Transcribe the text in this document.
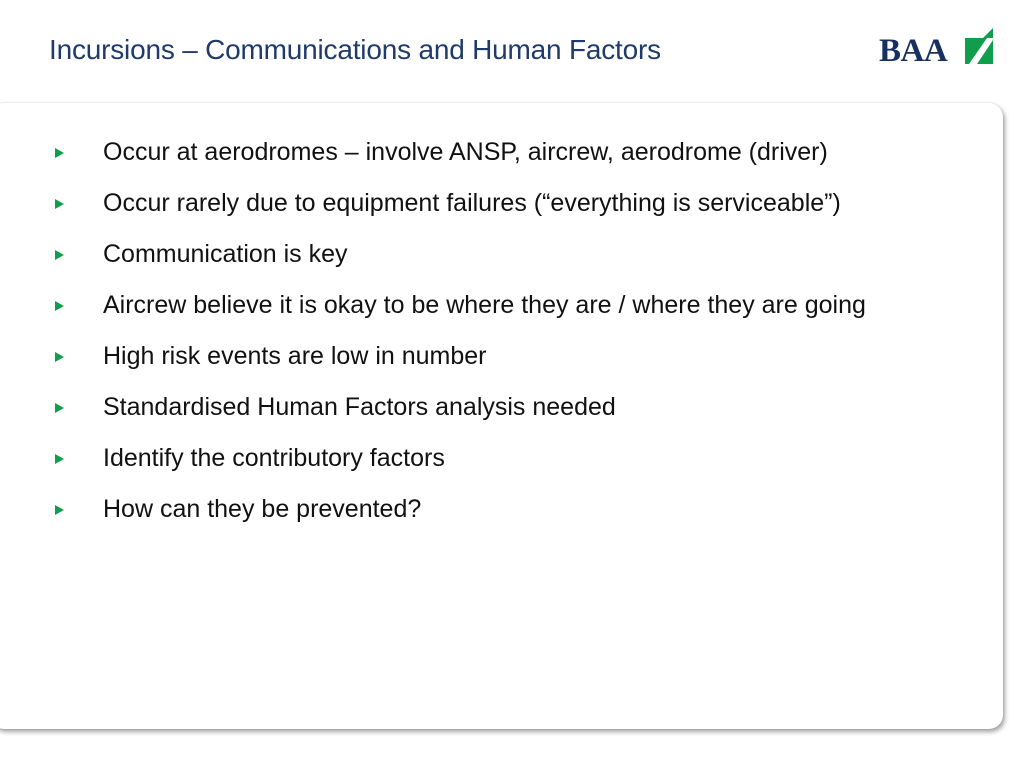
Incursions – Communications and Human Factors	BAA
Occur at aerodromes – involve ANSP, aircrew, aerodrome (driver)
Occur rarely due to equipment failures (“everything is serviceable”)
Communication is key
Aircrew believe it is okay to be where they are / where they are going
High risk events are low in number
Standardised Human Factors analysis needed
Identify the contributory factors
How can they be prevented?
